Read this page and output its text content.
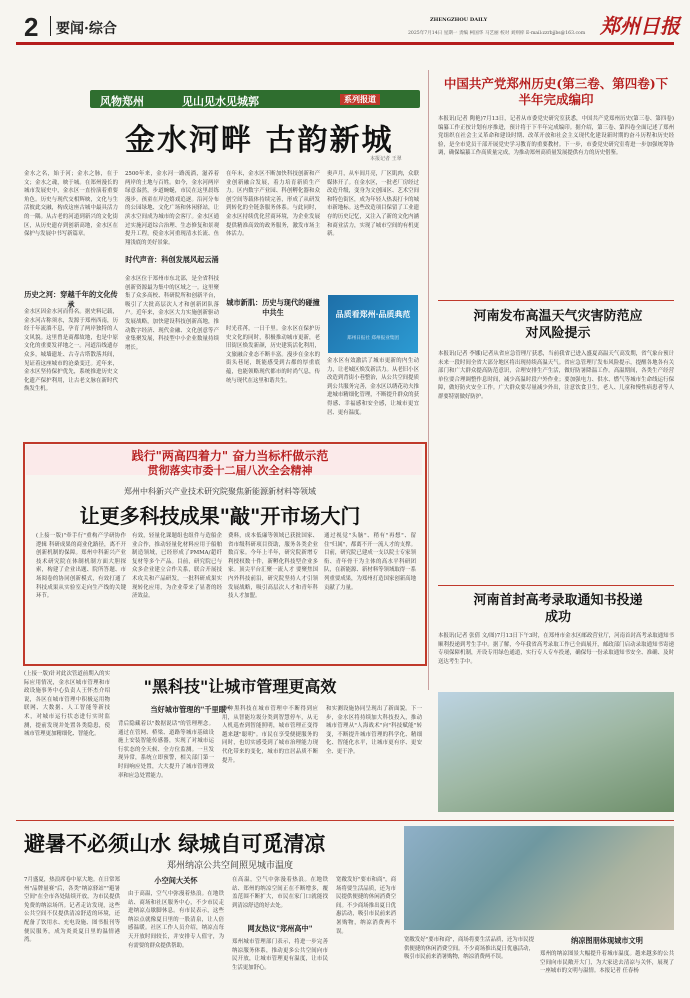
2 要闻·综合
ZHENGZHOU DAILY	郑州日报
2025年7月14日 星期一 责编 柯国华 马艺丽 校对 刘则梓 E-mail:zzrbjjbs@163.com
风物郑州	见山见水见城郭	系列报道
金水河畔 古韵新城
本报记者 王翠
金水之名，始于河；金水之脉，在于文；金水之魂，映于城。在郑州漫长的城市发展史中，金水区一直扮演着重要角色。历史与现代交相辉映，文化与生活彼此交融，构成这座古城中最具活力的一隅。从古老的河道到新兴的文化街区，从历史遗存到创新高地，金水区在保护与发展中书写新篇章。
历史之河：穿越千年的文化传承
金水区因金水河而得名。据史料记载，金水河古称须水，发源于郑州西南，历经千年流淌不息，孕育了两岸独特的人文风貌。这里曾是商都故地，也是中原文化的重要发祥地之一。河道沿线遗存众多，城墙遗址、古寺古塔散落其间，见证着这座城市的沧桑变迁。近年来，金水区坚持保护优先，系统推进历史文化遗产保护利用，让古老文脉在新时代焕发生机。
2500年来，金水河一路流淌，滋养着两岸的土地与百姓。如今，金水河两岸绿意盎然，步道蜿蜒，市民在这里晨练漫步，孩童在岸边嬉戏追逐。沿河分布的公园绿地、文化广场和休闲驿站，让滨水空间成为城市的会客厅。金水区通过实施河道综合治理、生态修复和景观提升工程，使金水河重现清水长流、鱼翔浅底的美好景象。
时代声音：科创发展风起云涌
金水区位于郑州市东北部，是全省科技创新资源最为集中的区域之一。这里聚集了众多高校、科研院所和创新平台，吸引了大批高层次人才和创新团队落户。近年来，金水区大力实施创新驱动发展战略，加快建设科技创新高地，推动数字经济、现代金融、文化创意等产业集聚发展，科技型中小企业数量持续增长。
在年末，金水区不断加快科技创新和产业创新融合发展，着力培育新质生产力。区内数字产业园、科创孵化器和众创空间等载体持续完善，形成了从研发到转化的全链条服务体系。与此同时，金水区持续优化营商环境，为企业发展提供精准高效的政务服务，激发市场主体活力。
城市新肌：历史与现代的碰撞中共生
时光荏苒，一日千里。金水区在保护历史文化的同时，积极推动城市更新，老旧街区焕发新颜，历史建筑活化利用，文旅融合业态不断丰富。漫步在金水的街头巷尾，既能感受到古都的厚重底蕴，也能领略现代都市的时尚气息，传统与现代在这里和谐共生。
奥声月，从车间月亮，厂区肌肉，众联媒体开了。在金水区，一批老厂房经过改造升级，变身为文创园区、艺术空间和特色街区，成为年轻人热衷打卡的城市新地标。这些改造项目保留了工业遗存的历史记忆，又注入了新的文化内涵和商业活力，实现了城市空间的有机更新。
品质看郑州·品质典范
郑州日报社 郑州报业集团
金水区有效激活了城市更新的内生动力，让老城区焕发新活力。从老旧小区改造到背街小巷整治，从公共空间提质到公共服务完善，金水区以绣花功夫推进城市精细化管理，不断提升群众的获得感、幸福感和安全感，让城市更宜居、更有温度。
中国共产党郑州历史(第三卷、第四卷)下半年完成编印
本报讯(记者 陶艳)7月13日，记者从市委党史研究室获悉，中国共产党郑州历史(第三卷、第四卷)编纂工作正按计划有序推进，预计将于下半年完成编印。据介绍，第三卷、第四卷全面记述了郑州党组织在社会主义革命和建设时期、改革开放和社会主义现代化建设新时期的奋斗历程和历史经验，是全市党员干部开展党史学习教育的重要教材。下一步，市委党史研究室将进一步加强统筹协调，确保编纂工作高质量完成，为推动郑州高质量发展提供有力的历史借鉴。
河南发布高温天气灾害防范应对风险提示
本报讯(记者 李娜)记者从省应急管理厅获悉，当前我省已进入盛夏高温天气高发期，省气象台预计未来一段时间全省大部分地区将出现持续高温天气。省应急管理厅发布风险提示，提醒各地各有关部门和广大群众提高防范意识，合理安排生产生活，做好防暑降温工作。高温期间，各类生产经营单位要合理调整作息时间，减少高温时段户外作业；要加强电力、供水、燃气等城市生命线运行保障，做好防火安全工作。广大群众要尽量减少外出，注意饮食卫生，老人、儿童和慢性病患者等人群要特别做好防护。
河南首封高考录取通知书投递成功
本报讯(记者 张倩 文/图)7月13日下午3时，在郑州市金水区邮政营业厅，河南首封高考录取通知书顺利投递到考生手中。据了解，今年我省高考录取工作已全面展开，邮政部门启动录取通知书寄递专项保障机制，开设专用绿色通道，实行专人专车投递，确保每一份录取通知书安全、准确、及时送达考生手中。
践行"两高四着力" 奋力当标杆做示范
贯彻落实市委十二届八次全会精神
郑州中科新兴产业技术研究院聚焦新能源新材料等领域
让更多科技成果"敲"开市场大门
(上接一版)"牵手行"重构产学研协作逻辑 科研成果的商业化路径，离不开创新机制的保障。郑州中科新兴产业技术研究院在体制机制方面大胆探索，构建了企业出题、院所答题、市场阅卷的协同创新模式，有效打通了科技成果从实验室走向生产线的关键环节。
有效，轻量化课题组也组件与造船企业合作，推动轻量化材料应用于船舶制造领域，已经形成了PMMA/超纤复材等多个产品。目前，研究院已与众多企业建立合作关系，联合开展技术攻关和产品研发，一批科研成果实现转化应用，为企业带来了显著的经济效益。
费料，成本低廉等领域已获批国家、省市级科研项目资助，服务各类企业数百家。今年上半年，研究院新增专利授权数十件，新孵化科技型企业多家。顶尖平台汇聚一流人才 要聚焦国内外科技前沿，研究院坚持人才引领发展战略，吸引高层次人才和青年科技人才加盟。
通过视觉"头脑"、稍有"再想"、留住"归属"，都离不开一流人才的支撑。目前，研究院已建成一支以院士专家领衔、青年骨干为主体的高水平科研团队，在新能源、新材料等领域取得一系列重要成果，为郑州打造国家创新高地贡献了力量。
"黑科技"让城市管理更高效
(上接一版)针对此次管道前期入的实际应用情况，金水区城市管理和市政设施事务中心负责人王怀杰介绍说，各区在城市管理中积极运用物联网、大数据、人工智能等新技术，对城市运行状态进行实时监测，提前发现并处置各类隐患，使城市管理更加精细化、智能化。
当好城市管理的"千里眼"
背后隐藏着以"数据说话"的管理理念。通过在管网、桥梁、道路等城市基础设施上安装智能传感器，实现了对城市运行状态的全天候、全方位监测。一旦发现异常，系统立即预警，相关部门第一时间响应处置，大大提升了城市管理效率和应急处置能力。
各种黑科技在城市管理中不断得到应用，从智能垃圾分类到智慧停车，从无人机巡查到智能照明，城市管理正变得越来越"聪明"。市民在享受便捷服务的同时，也切实感受到了城市治理能力现代化带来的变化，城市的宜居品质不断提升。
和实测设施协同呈现出了新面貌。下一步，金水区将持续加大科技投入，推动城市管理从"人海战术"向"科技赋能"转变，不断提升城市管理的科学化、精细化、智能化水平，让城市更有序、更安全、更干净。
避暑不必须山水 绿城自可觅清凉
郑州纳凉公共空间照见城市温度
7月盛夏，热浪席卷中原大地。在日常郑州"品牌量赛"后，各类"纳凉驿站""避暑空间"在全市各处陆续开放，为市民提供免费的纳凉场所。记者走访发现，这些公共空间不仅提供清凉舒适的环境，还配备了饮用水、充电设施、图书报刊等便民服务，成为炎炎夏日里的温情港湾。
小空间大关怀
由于高温，空气中弥漫着热浪。在地铁站、商场和社区服务中心，不少市民走进纳凉点歇脚休息。有市民表示，这些纳凉点就像夏日里的一股清泉，让人倍感温暖。社区工作人员介绍，纳凉点每天开放时间较长，并安排专人值守，为有需要的群众提供帮助。
在高温，空气中弥漫着热浪。在地铁站、郑州的纳凉空间正在不断增多，覆盖范围不断扩大，市民在家门口就能找到清凉舒适的好去处。
网友热议"郑州高中"
郑州城市管理部门表示，将进一步完善纳凉服务体系，推动更多公共空间向市民开放，让城市管理更有温度，让市民生活更加舒心。
宽敞发好"要市和商"，商场将要生活品质，还为市民提供便捷的休闲消费空间。不少商场推出夏日优惠活动，吸引市民前来消暑购物，纳凉消费两不误。
宽敞发好"要市和商"，商场将要生活品质，还为市民提供便捷的休闲消费空间。不少商场推出夏日优惠活动，吸引市民前来消暑购物，纳凉消费两不误。
纳凉图朋体现城市文明
郑州的纳凉图景大幅提升着城市温度。越来越多的公共空间向市民敞开大门，为大家送去清凉与关怀，展现了一座城市的文明与温情。本报记者 任春杨
